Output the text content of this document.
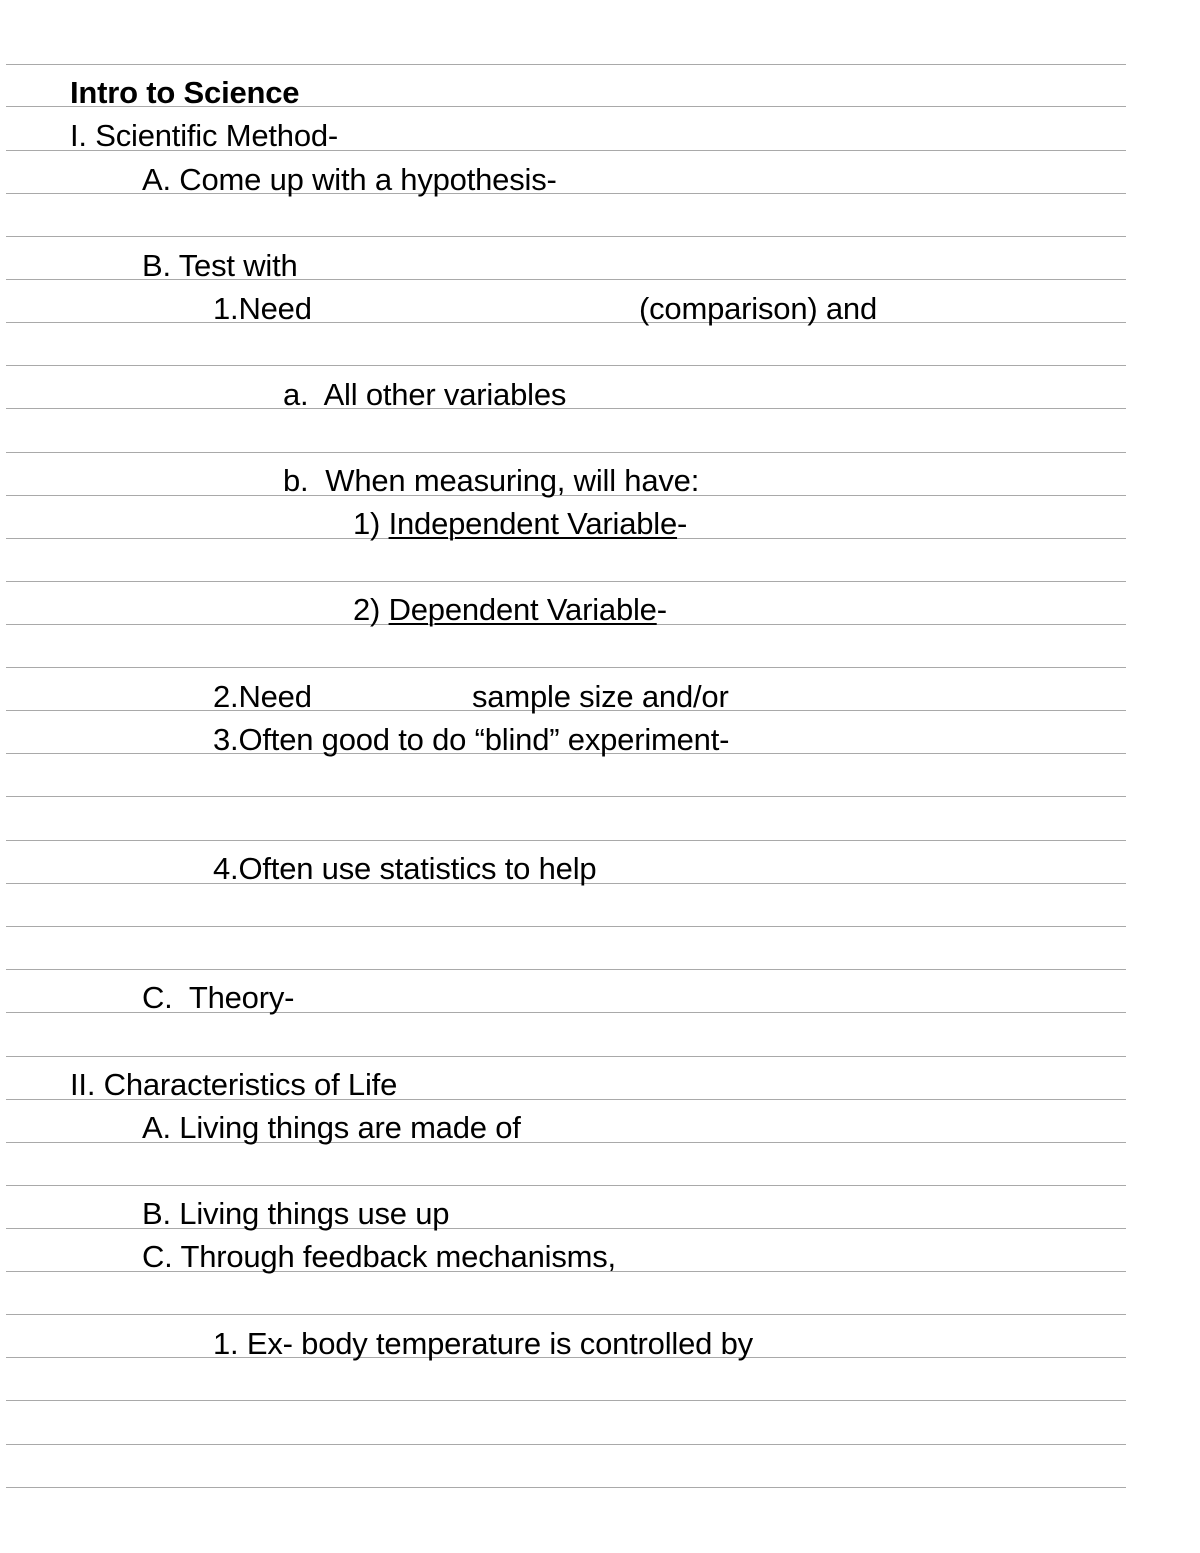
Intro to Science
I. Scientific Method-
A. Come up with a hypothesis-
B. Test with
1.Need	(comparison) and
a.  All other variables
b.  When measuring, will have:
1) Independent Variable-
2) Dependent Variable-
2.Need	sample size and/or
3.Often good to do “blind” experiment-
4.Often use statistics to help
C.  Theory-
II. Characteristics of Life
A. Living things are made of
B. Living things use up
C. Through feedback mechanisms,
1. Ex- body temperature is controlled by
